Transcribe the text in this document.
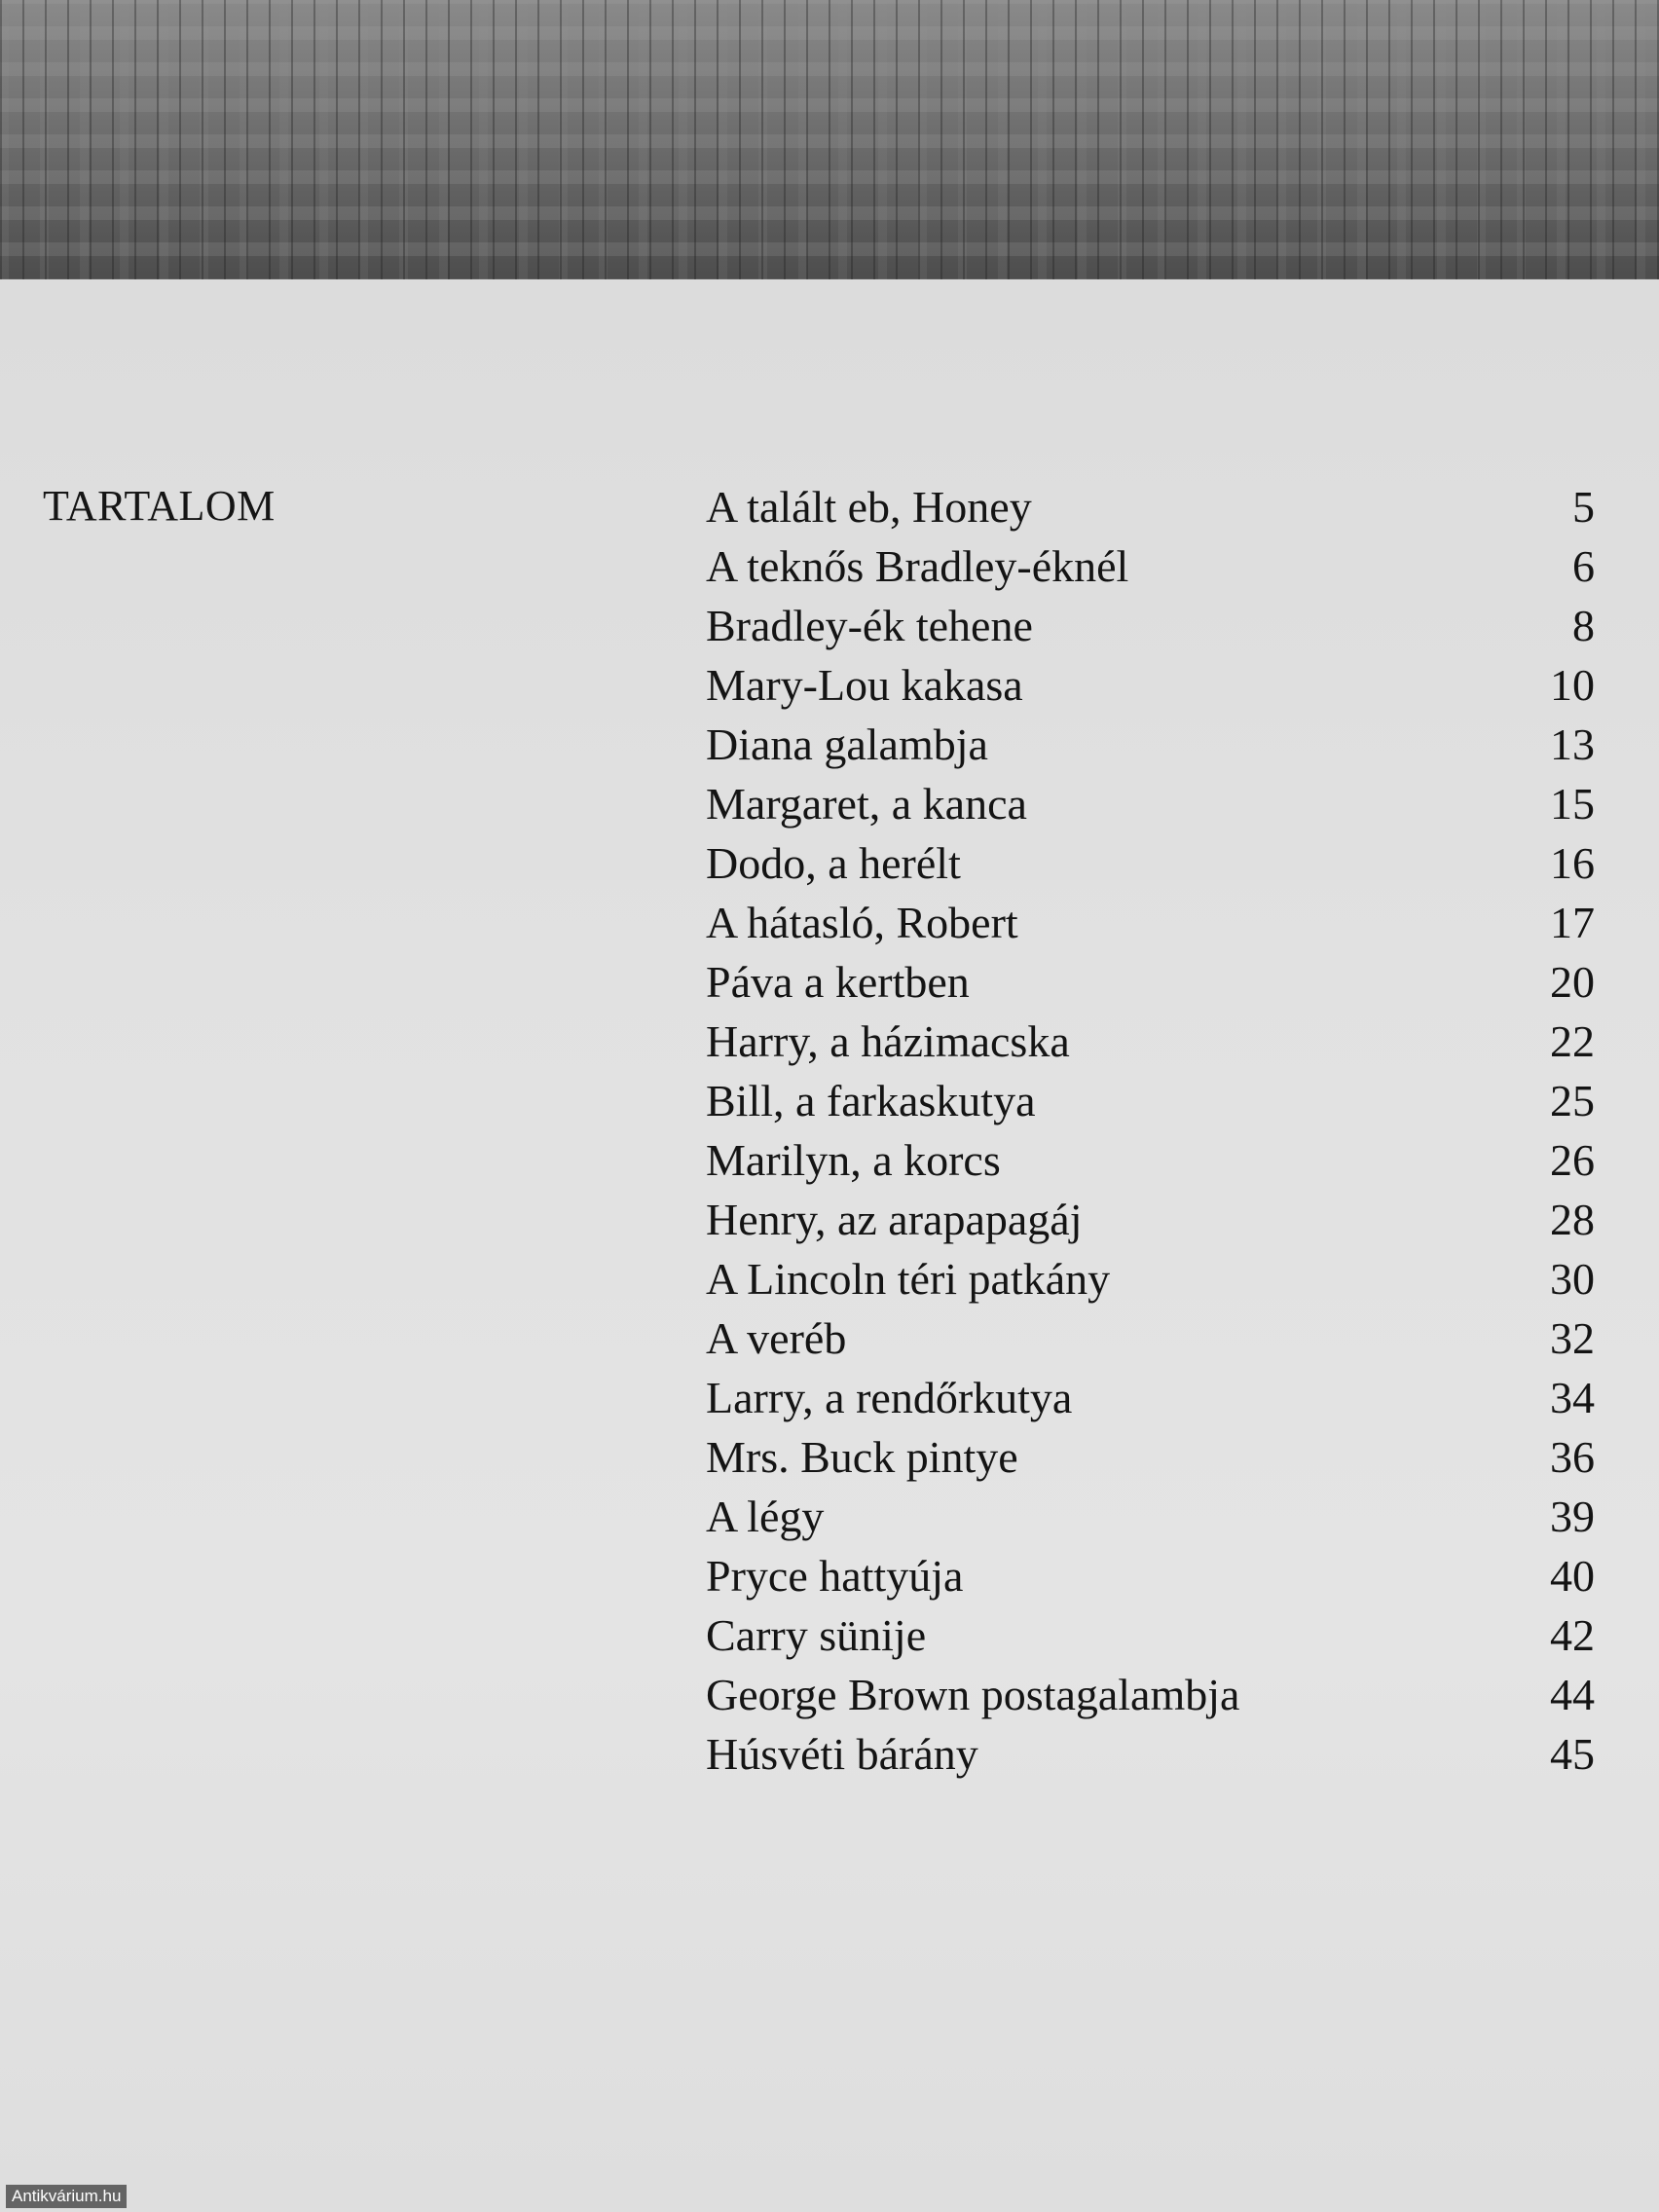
TARTALOM	A talált eb, Honey	5
A teknős Bradley-éknél	6
Bradley-ék tehene	8
Mary-Lou kakasa	10
Diana galambja	13
Margaret, a kanca	15
Dodo, a herélt	16
A hátasló, Robert	17
Páva a kertben	20
Harry, a házimacska	22
Bill, a farkaskutya	25
Marilyn, a korcs	26
Henry, az arapapagáj	28
A Lincoln téri patkány	30
A veréb	32
Larry, a rendőrkutya	34
Mrs. Buck pintye	36
A légy	39
Pryce hattyúja	40
Carry sünije	42
George Brown postagalambja	44
Húsvéti bárány	45
Antikvárium.hu
